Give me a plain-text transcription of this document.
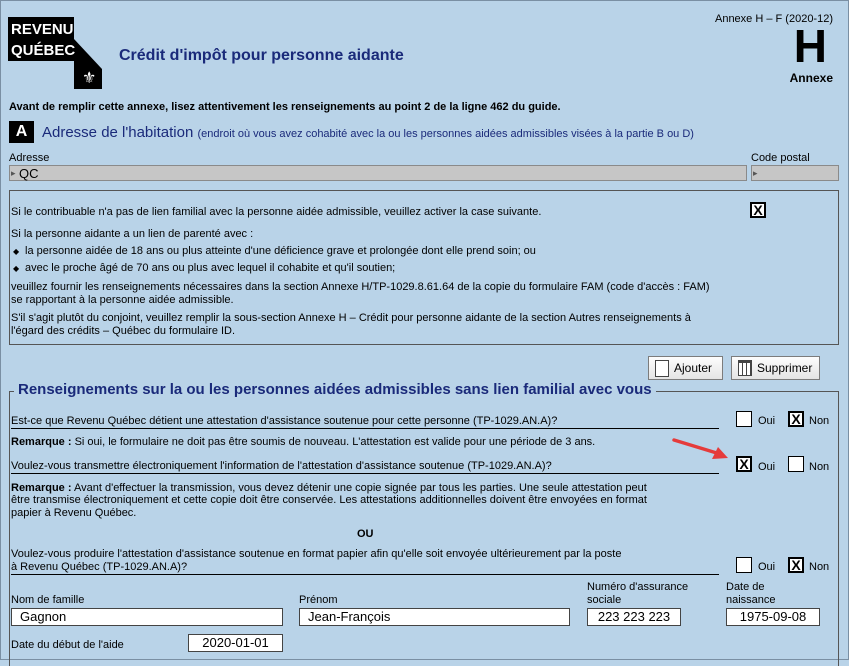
REVENU
QUÉBEC
⚜
Crédit d'impôt pour personne aidante
Annexe H – F (2020-12)
H
Annexe
Avant de remplir cette annexe, lisez attentivement les renseignements au point 2 de la ligne 462 du guide.
A Adresse de l'habitation (endroit où vous avez cohabité avec la ou les personnes aidées admissibles visées à la partie B ou D)
Adresse
▸ QC
Code postal
▸
Si le contribuable n'a pas de lien familial avec la personne aidée admissible, veuillez activer la case suivante.	X
Si la personne aidante a un lien de parenté avec :
◆ la personne aidée de 18 ans ou plus atteinte d'une déficience grave et prolongée dont elle prend soin; ou
◆ avec le proche âgé de 70 ans ou plus avec lequel il cohabite et qu'il soutien;
veuillez fournir les renseignements nécessaires dans la section Annexe H/TP-1029.8.61.64 de la copie du formulaire FAM (code d'accès : FAM)
se rapportant à la personne aidée admissible.
S'il s'agit plutôt du conjoint, veuillez remplir la sous-section Annexe H – Crédit pour personne aidante de la section Autres renseignements à
l'égard des crédits – Québec du formulaire ID.
Ajouter	Supprimer
Renseignements sur la ou les personnes aidées admissibles sans lien familial avec vous
Est-ce que Revenu Québec détient une attestation d'assistance soutenue pour cette personne (TP-1029.AN.A)?	Oui X Non
Remarque : Si oui, le formulaire ne doit pas être soumis de nouveau. L'attestation est valide pour une période de 3 ans.
Voulez-vous transmettre électroniquement l'information de l'attestation d'assistance soutenue (TP-1029.AN.A)?	X Oui	Non
Remarque : Avant d'effectuer la transmission, vous devez détenir une copie signée par tous les parties. Une seule attestation peut
être transmise électroniquement et cette copie doit être conservée. Les attestations additionnelles doivent être envoyées en format
papier à Revenu Québec.
OU
Voulez-vous produire l'attestation d'assistance soutenue en format papier afin qu'elle soit envoyée ultérieurement par la poste
à Revenu Québec (TP-1029.AN.A)?	Oui X Non
Nom de famille
Gagnon
Prénom
Jean-François
Numéro d'assurance
sociale
223 223 223
Date de
naissance
1975-09-08
Date du début de l'aide	2020-01-01
